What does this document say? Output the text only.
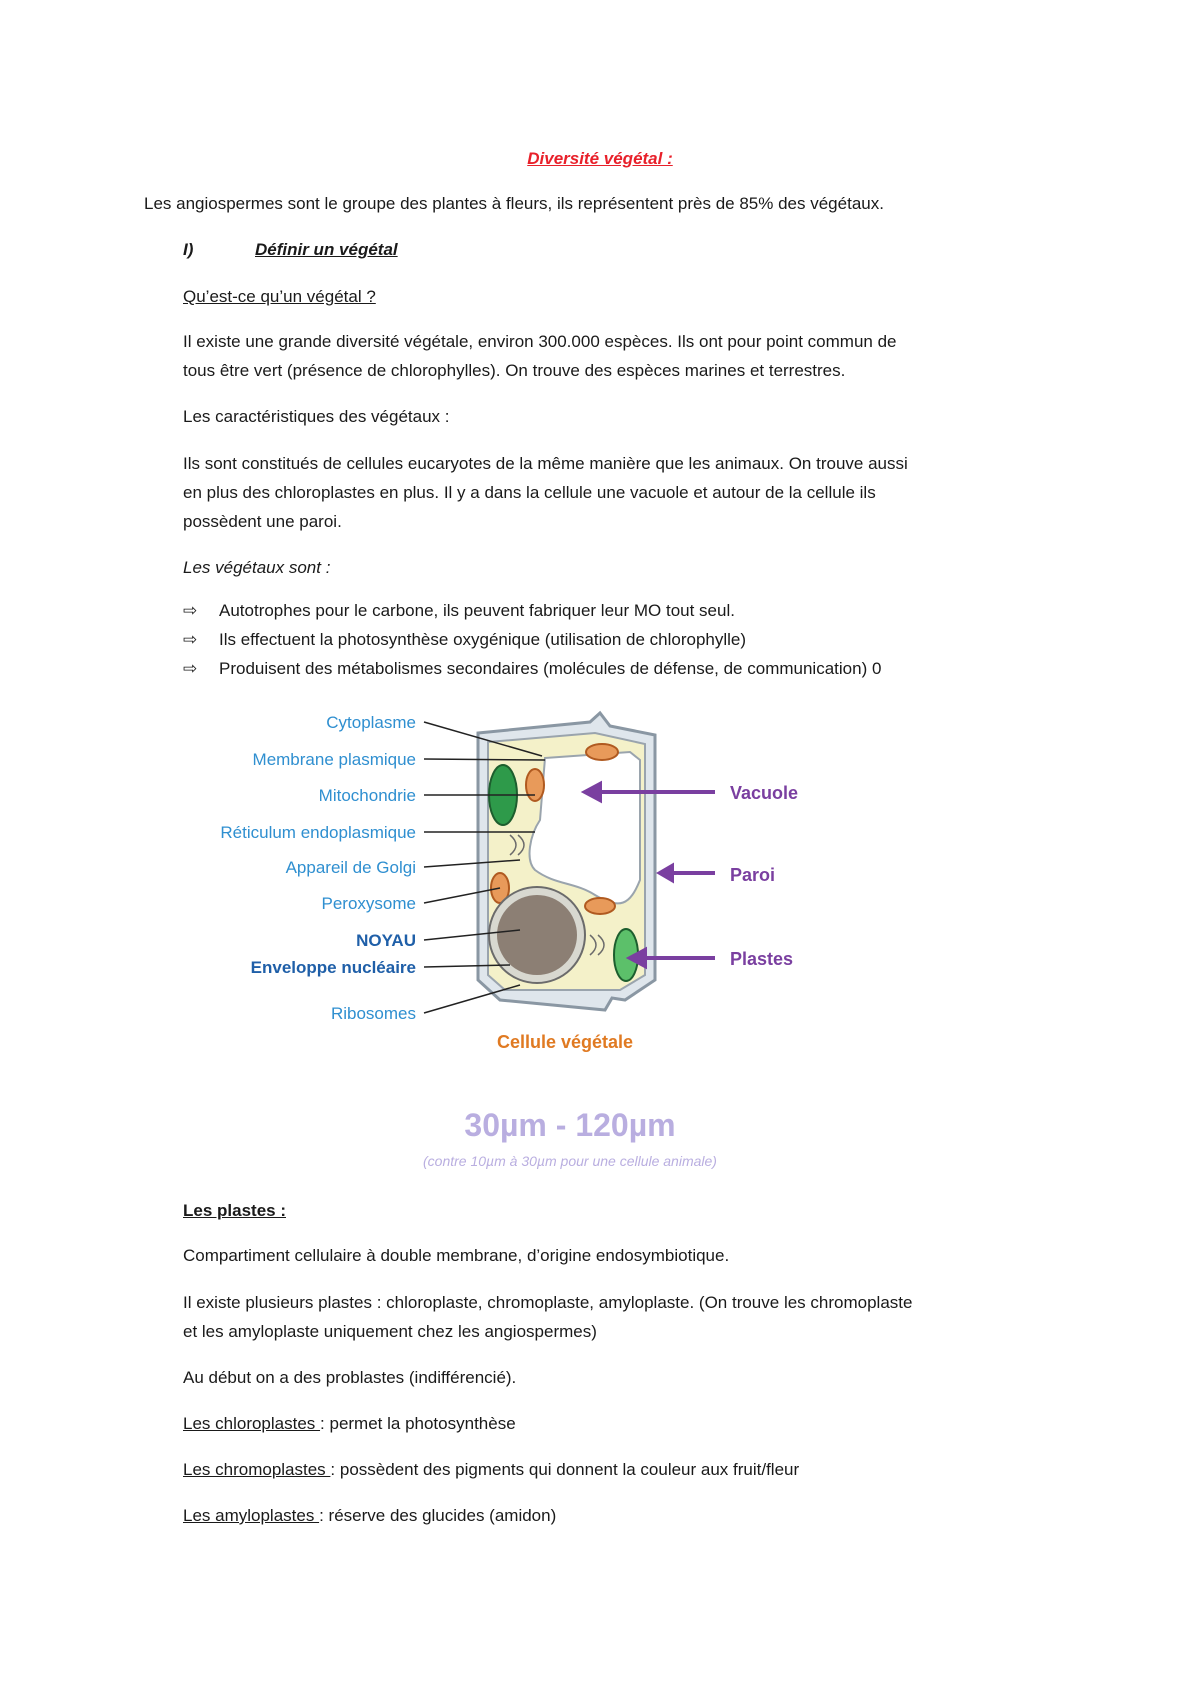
Diversité végétal :

Les angiospermes sont le groupe des plantes à fleurs, ils représentent près de 85% des végétaux.

I)	Définir un végétal

Qu’est-ce qu’un végétal ?

Il existe une grande diversité végétale, environ 300.000 espèces. Ils ont pour point commun de

tous être vert (présence de chlorophylles). On trouve des espèces marines et terrestres.

Les caractéristiques des végétaux :

Ils sont constitués de cellules eucaryotes de la même manière que les animaux. On trouve aussi

en plus des chloroplastes en plus. Il y a dans la cellule une vacuole et autour de la cellule ils

possèdent une paroi.

Les végétaux sont :

⇨	Autotrophes pour le carbone, ils peuvent fabriquer leur MO tout seul.
⇨	Ils effectuent la photosynthèse oxygénique (utilisation de chlorophylle)
⇨	Produisent des métabolismes secondaires (molécules de défense, de communication) 0
Cytoplasme
Membrane plasmique
Mitochondrie
Réticulum endoplasmique
Appareil de Golgi
Peroxysome
NOYAU
Enveloppe nucléaire
Ribosomes
Vacuole
Paroi
Plastes
Cellule végétale
30µm - 120µm
(contre 10µm à 30µm pour une cellule animale)

Les plastes :

Compartiment cellulaire à double membrane, d’origine endosymbiotique.

Il existe plusieurs plastes : chloroplaste, chromoplaste, amyloplaste. (On trouve les chromoplaste

et les amyloplaste uniquement chez les angiospermes)

Au début on a des problastes (indifférencié).

Les chloroplastes : permet la photosynthèse

Les chromoplastes : possèdent des pigments qui donnent la couleur aux fruit/fleur

Les amyloplastes : réserve des glucides (amidon)
